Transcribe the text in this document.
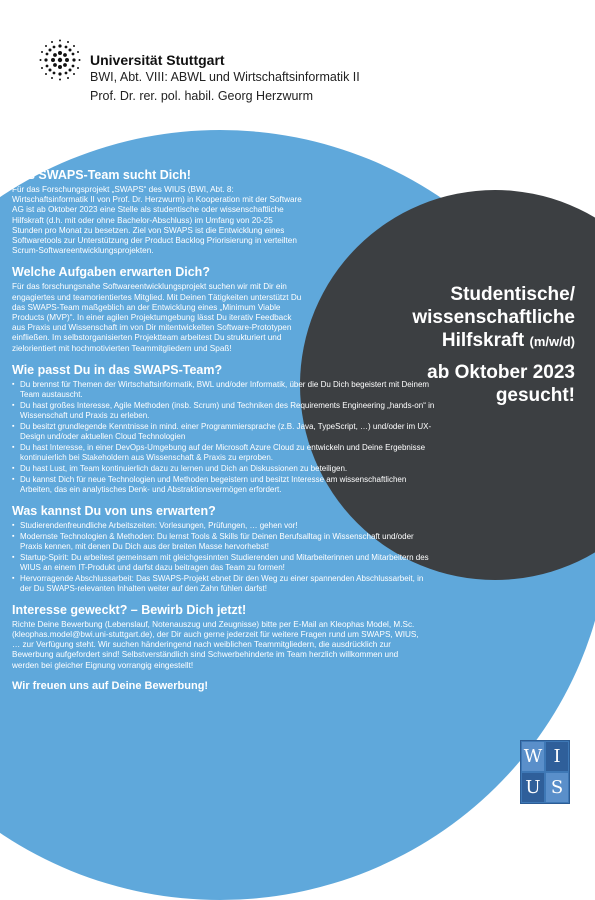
Universität Stuttgart
BWI, Abt. VIII: ABWL und Wirtschaftsinformatik II
Prof. Dr. rer. pol. habil. Georg Herzwurm
Studentische/
wissenschaftliche
Hilfskraft (m/w/d)
ab Oktober 2023
gesucht!
Das SWAPS-Team sucht Dich!

Für das Forschungsprojekt „SWAPS“ des WIUS (BWI, Abt. 8: Wirtschaftsinformatik II von Prof. Dr. Herzwurm) in Kooperation mit der Software AG ist ab Oktober 2023 eine Stelle als studentische oder wissenschaftliche Hilfskraft (d.h. mit oder ohne Bachelor-Abschluss) im Umfang von 20-25 Stunden pro Monat zu besetzen. Ziel von SWAPS ist die Entwicklung eines Softwaretools zur Unterstützung der Product Backlog Priorisierung in verteilten Scrum-Softwareentwicklungsprojekten.

Welche Aufgaben erwarten Dich?

Für das forschungsnahe Softwareentwicklungsprojekt suchen wir mit Dir ein engagiertes und teamorientiertes Mitglied. Mit Deinen Tätigkeiten unterstützt Du das SWAPS-Team maßgeblich an der Entwicklung eines „Minimum Viable Products (MVP)“. In einer agilen Projektumgebung lässt Du iterativ Feedback aus Praxis und Wissenschaft im von Dir mitentwickelten Software-Prototypen einfließen. Im selbstorganisierten Projektteam arbeitest Du strukturiert und zielorientiert mit hochmotivierten Teammitgliedern und Spaß!

Wie passt Du in das SWAPS-Team?
▪ Du brennst für Themen der Wirtschaftsinformatik, BWL und/oder Informatik, über die Du Dich begeistert mit Deinem Team austauscht.
▪ Du hast großes Interesse, Agile Methoden (insb. Scrum) und Techniken des Requirements Engineering „hands-on“ in Wissenschaft und Praxis zu erleben.
▪ Du besitzt grundlegende Kenntnisse in mind. einer Programmiersprache (z.B. Java, TypeScript, …) und/oder im UX-Design und/oder aktuellen Cloud Technologien
▪ Du hast Interesse, in einer DevOps-Umgebung auf der Microsoft Azure Cloud zu entwickeln und Deine Ergebnisse kontinuierlich bei Stakeholdern aus Wissenschaft & Praxis zu erproben.
▪ Du hast Lust, im Team kontinuierlich dazu zu lernen und Dich an Diskussionen zu beteiligen.
▪ Du kannst Dich für neue Technologien und Methoden begeistern und besitzt Interesse am wissenschaftlichen Arbeiten, das ein analytisches Denk- und Abstraktionsvermögen erfordert.
Was kannst Du von uns erwarten?
▪ Studierendenfreundliche Arbeitszeiten: Vorlesungen, Prüfungen, … gehen vor!
▪ Modernste Technologien & Methoden: Du lernst Tools & Skills für Deinen Berufsalltag in Wissenschaft und/oder Praxis kennen, mit denen Du Dich aus der breiten Masse hervorhebst!
▪ Startup-Spirit: Du arbeitest gemeinsam mit gleichgesinnten Studierenden und Mitarbeiterinnen und Mitarbeitern des WIUS an einem IT-Produkt und darfst dazu beitragen das Team zu formen!
▪ Hervorragende Abschlussarbeit: Das SWAPS-Projekt ebnet Dir den Weg zu einer spannenden Abschlussarbeit, in der Du SWAPS-relevanten Inhalten weiter auf den Zahn fühlen darfst!
Interesse geweckt? – Bewirb Dich jetzt!

Richte Deine Bewerbung (Lebenslauf, Notenauszug und Zeugnisse) bitte per E-Mail an Kleophas Model, M.Sc. (kleophas.model@bwi.uni-stuttgart.de), der Dir auch gerne jederzeit für weitere Fragen rund um SWAPS, WIUS, … zur Verfügung steht. Wir suchen händeringend nach weiblichen Teammitgliedern, die ausdrücklich zur Bewerbung aufgefordert sind! Selbstverständlich sind Schwerbehinderte im Team herzlich willkommen und werden bei gleicher Eignung vorrangig eingestellt!

Wir freuen uns auf Deine Bewerbung!
W I
U S
